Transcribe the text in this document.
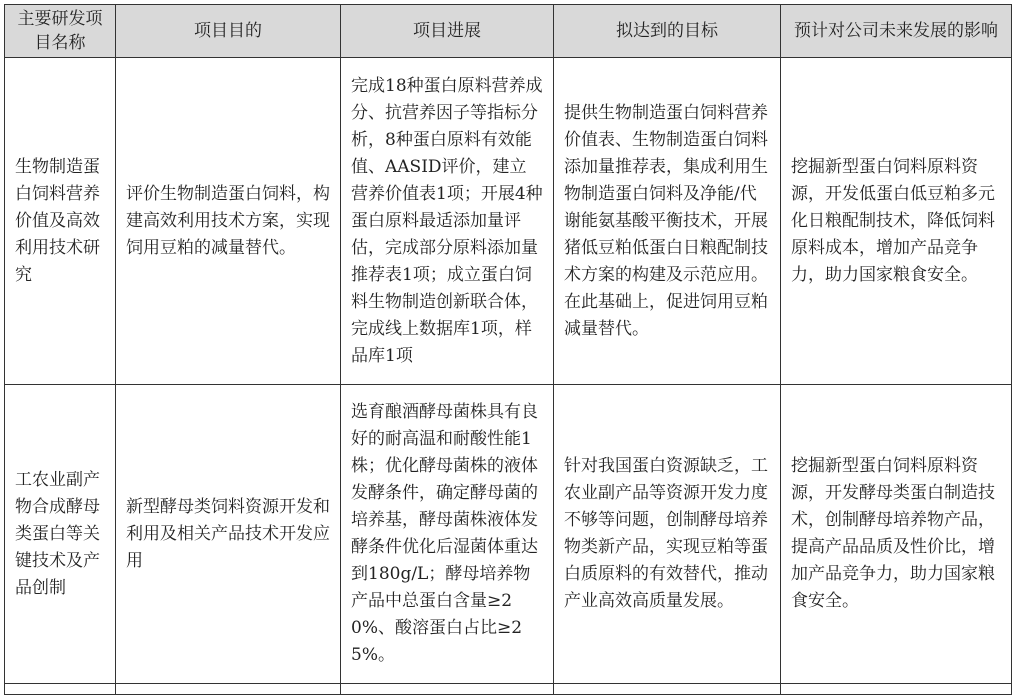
主要研发项目名称	项目目的	项目进展	拟达到的目标	预计对公司未来发展的影响
生物制造蛋白饲料营养价值及高效利用技术研究	评价生物制造蛋白饲料，构建高效利用技术方案，实现饲用豆粕的减量替代。	完成18种蛋白原料营养成分、抗营养因子等指标分析，8种蛋白原料有效能值、AASID评价，建立营养价值表1项；开展4种蛋白原料最适添加量评估，完成部分原料添加量推荐表1项；成立蛋白饲料生物制造创新联合体，完成线上数据库1项，样品库1项	提供生物制造蛋白饲料营养价值表、生物制造蛋白饲料添加量推荐表，集成利用生物制造蛋白饲料及净能/代谢能氨基酸平衡技术，开展猪低豆粕低蛋白日粮配制技术方案的构建及示范应用。在此基础上，促进饲用豆粕减量替代。	挖掘新型蛋白饲料原料资源，开发低蛋白低豆粕多元化日粮配制技术，降低饲料原料成本，增加产品竞争力，助力国家粮食安全。
工农业副产物合成酵母类蛋白等关键技术及产品创制	新型酵母类饲料资源开发和利用及相关产品技术开发应用	选育酿酒酵母菌株具有良好的耐高温和耐酸性能1株；优化酵母菌株的液体发酵条件，确定酵母菌的培养基，酵母菌株液体发酵条件优化后湿菌体重达到180g/L；酵母培养物产品中总蛋白含量≥20%、酸溶蛋白占比≥25%。	针对我国蛋白资源缺乏，工农业副产品等资源开发力度不够等问题，创制酵母培养物类新产品，实现豆粕等蛋白质原料的有效替代，推动产业高效高质量发展。	挖掘新型蛋白饲料原料资源，开发酵母类蛋白制造技术，创制酵母培养物产品，提高产品品质及性价比，增加产品竞争力，助力国家粮食安全。
